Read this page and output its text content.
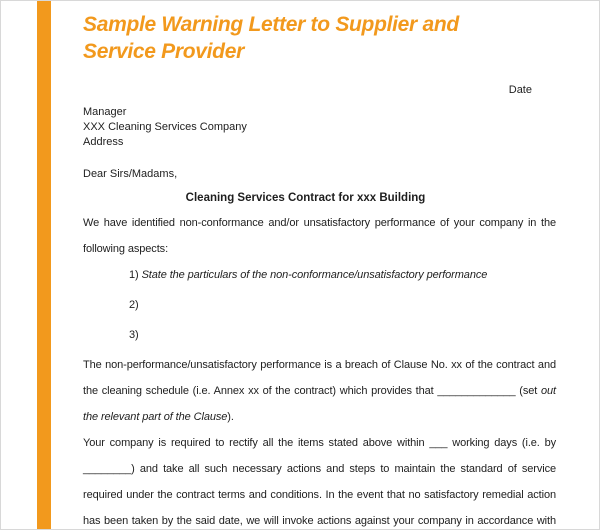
Sample Warning Letter to Supplier and
Service Provider
Date
Manager
XXX Cleaning Services Company
Address
Dear Sirs/Madams,
Cleaning Services Contract for xxx Building

We have identified non-conformance and/or unsatisfactory performance of your company in the following aspects:

1) State the particulars of the non-conformance/unsatisfactory performance
2)
3)

The non-performance/unsatisfactory performance is a breach of Clause No. xx of the contract and the cleaning schedule (i.e. Annex xx of the contract) which provides that _____________ (set out the relevant part of the Clause).

Your company is required to rectify all the items stated above within ___ working days (i.e. by ________) and take all such necessary actions and steps to maintain the standard of service required under the contract terms and conditions. In the event that no satisfactory remedial action has been taken by the said date, we will invoke actions against your company in accordance with
